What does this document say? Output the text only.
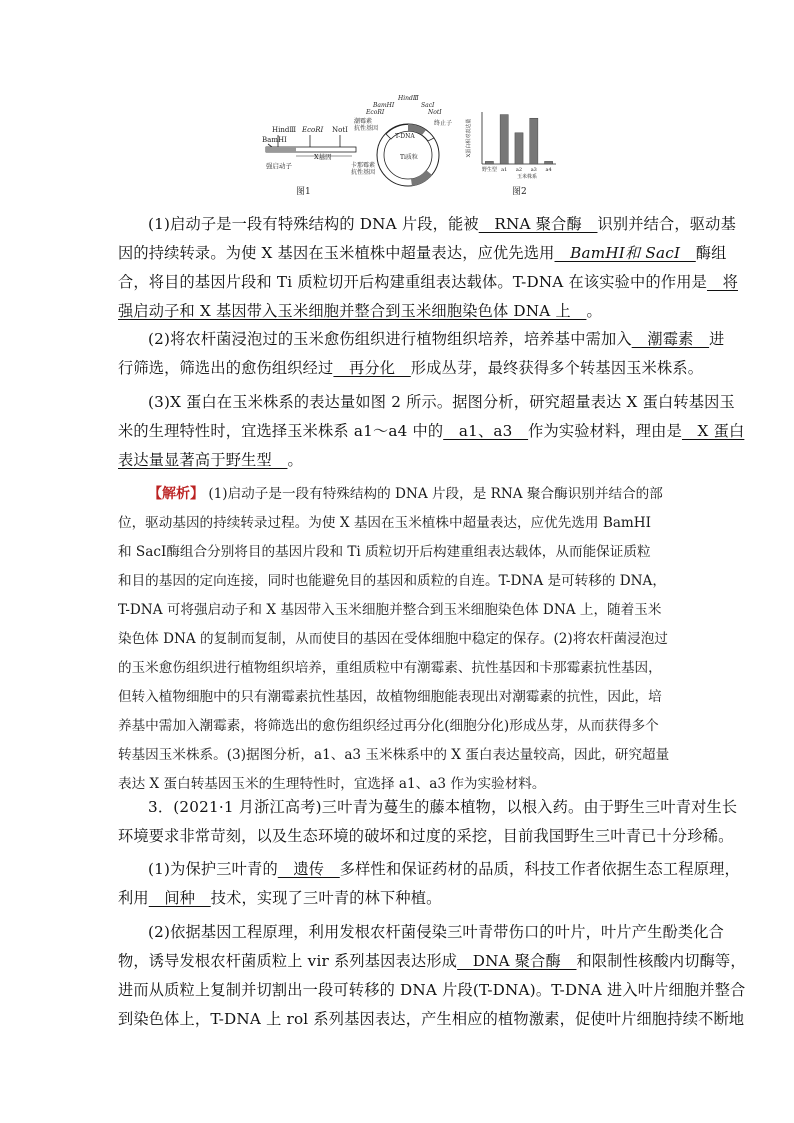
HindⅢ EcoRⅠ NotⅠ
BamHⅠ
X基因
强启动子
图1
HindⅢ
BamHⅠ	SacⅠ
EcoRⅠ	NotⅠ
潮霉素
抗性基因
终止子
T-DNA
Ti质粒
卡那霉素
抗性基因
X蛋白相对表达量
野生型 a1 a2 a3 a4
玉米株系
图2
(1)启动子是一段有特殊结构的 DNA 片段，能被__RNA 聚合酶__识别并结合，驱动基
因的持续转录。为使 X 基因在玉米植株中超量表达，应优先选用__BamHⅠ和 SacⅠ__酶组
合，将目的基因片段和 Ti 质粒切开后构建重组表达载体。T-DNA 在该实验中的作用是__将
强启动子和 X 基因带入玉米细胞并整合到玉米细胞染色体 DNA 上__。
(2)将农杆菌浸泡过的玉米愈伤组织进行植物组织培养，培养基中需加入__潮霉素__进
行筛选，筛选出的愈伤组织经过__再分化__形成丛芽，最终获得多个转基因玉米株系。
(3)X 蛋白在玉米株系的表达量如图 2 所示。据图分析，研究超量表达 X 蛋白转基因玉
米的生理特性时，宜选择玉米株系 a1～a4 中的__a1、a3__作为实验材料，理由是__X 蛋白
表达量显著高于野生型__。
【解析】 (1)启动子是一段有特殊结构的 DNA 片段，是 RNA 聚合酶识别并结合的部
位，驱动基因的持续转录过程。为使 X 基因在玉米植株中超量表达，应优先选用 BamHⅠ
和 SacⅠ酶组合分别将目的基因片段和 Ti 质粒切开后构建重组表达载体，从而能保证质粒
和目的基因的定向连接，同时也能避免目的基因和质粒的自连。T-DNA 是可转移的 DNA，
T-DNA 可将强启动子和 X 基因带入玉米细胞并整合到玉米细胞染色体 DNA 上，随着玉米
染色体 DNA 的复制而复制，从而使目的基因在受体细胞中稳定的保存。(2)将农杆菌浸泡过
的玉米愈伤组织进行植物组织培养，重组质粒中有潮霉素、抗性基因和卡那霉素抗性基因，
但转入植物细胞中的只有潮霉素抗性基因，故植物细胞能表现出对潮霉素的抗性，因此，培
养基中需加入潮霉素，将筛选出的愈伤组织经过再分化(细胞分化)形成丛芽，从而获得多个
转基因玉米株系。(3)据图分析，a1、a3 玉米株系中的 X 蛋白表达量较高，因此，研究超量
表达 X 蛋白转基因玉米的生理特性时，宜选择 a1、a3 作为实验材料。
3．(2021·1 月浙江高考)三叶青为蔓生的藤本植物，以根入药。由于野生三叶青对生长
环境要求非常苛刻，以及生态环境的破坏和过度的采挖，目前我国野生三叶青已十分珍稀。
(1)为保护三叶青的__遗传__多样性和保证药材的品质，科技工作者依据生态工程原理，
利用__间种__技术，实现了三叶青的林下种植。
(2)依据基因工程原理，利用发根农杆菌侵染三叶青带伤口的叶片，叶片产生酚类化合
物，诱导发根农杆菌质粒上 vir 系列基因表达形成__DNA 聚合酶__和限制性核酸内切酶等，
进而从质粒上复制并切割出一段可转移的 DNA 片段(T-DNA)。T-DNA 进入叶片细胞并整合
到染色体上，T-DNA 上 rol 系列基因表达，产生相应的植物激素，促使叶片细胞持续不断地
